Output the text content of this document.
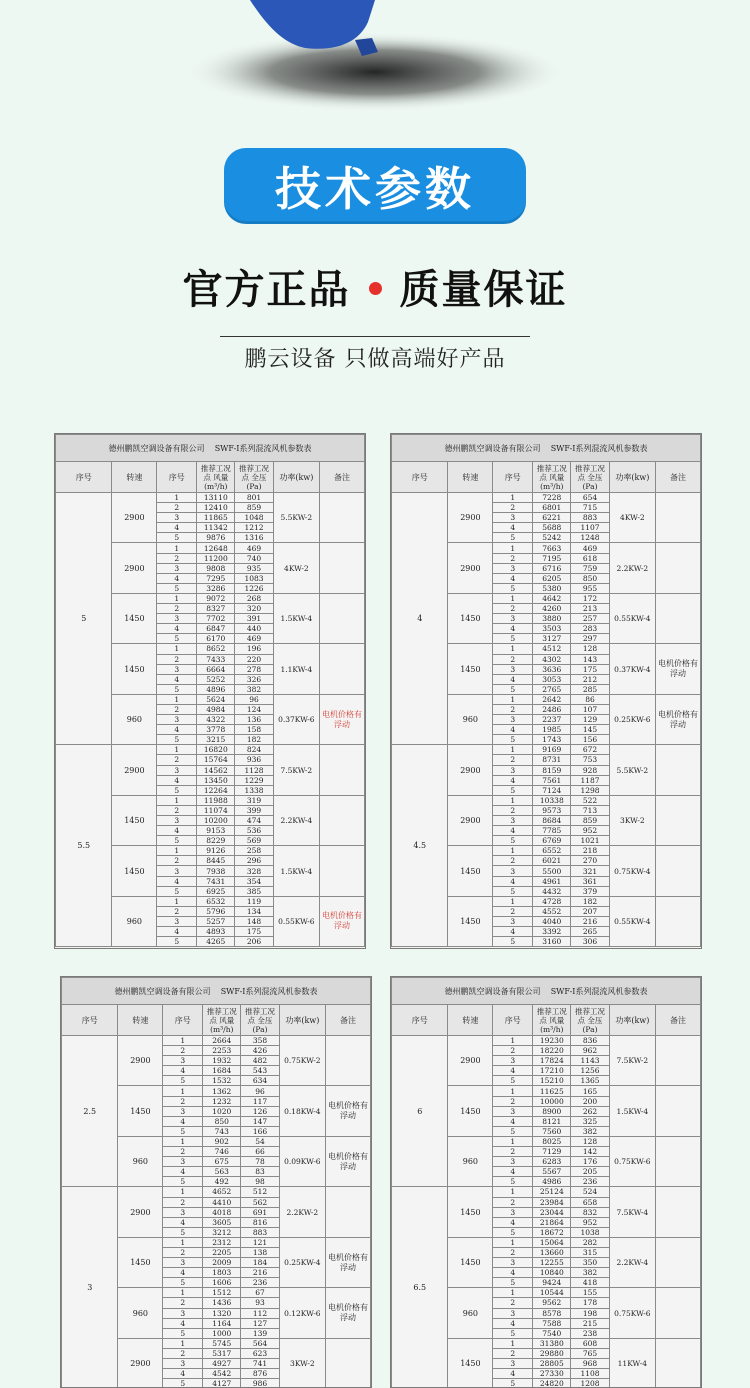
技术参数
官方正品 质量保证
鹏云设备 只做高端好产品
德州鹏凯空调设备有限公司 SWF-I系列混流风机参数表						
序号	转速	序号	推荐工况点 风量(m³/h)	推荐工况点 全压(Pa)	功率(kw)	备注
5	2900	1	13110	801	5.5KW-2	
		2	12410	859		
		3	11865	1048		
		4	11342	1212		
		5	9876	1316		
	2900	1	12648	469	4KW-2	
		2	11200	740		
		3	9808	935		
		4	7295	1083		
		5	3286	1226		
	1450	1	9072	268	1.5KW-4	
		2	8327	320		
		3	7702	391		
		4	6847	440		
		5	6170	469		
	1450	1	8652	196	1.1KW-4	
		2	7433	220		
		3	6664	278		
		4	5252	326		
		5	4896	382		
	960	1	5624	96	0.37KW-6	电机价格有浮动
		2	4984	124		
		3	4322	136		
		4	3778	158		
		5	3215	182		
5.5	2900	1	16820	824	7.5KW-2	
		2	15764	936		
		3	14562	1128		
		4	13450	1229		
		5	12264	1338		
	1450	1	11988	319	2.2KW-4	
		2	11074	399		
		3	10200	474		
		4	9153	536		
		5	8229	569		
	1450	1	9126	258	1.5KW-4	
		2	8445	296		
		3	7938	328		
		4	7431	354		
		5	6925	385		
	960	1	6532	119	0.55KW-6	电机价格有浮动
		2	5796	134		
		3	5257	148		
		4	4893	175		
		5	4265	206		
德州鹏凯空调设备有限公司 SWF-I系列混流风机参数表						
序号	转速	序号	推荐工况点 风量(m³/h)	推荐工况点 全压(Pa)	功率(kw)	备注
4	2900	1	7228	654	4KW-2	
		2	6801	715		
		3	6221	883		
		4	5688	1107		
		5	5242	1248		
	2900	1	7663	469	2.2KW-2	
		2	7195	618		
		3	6716	759		
		4	6205	850		
		5	5380	955		
	1450	1	4642	172	0.55KW-4	
		2	4260	213		
		3	3880	257		
		4	3503	283		
		5	3127	297		
	1450	1	4512	128	0.37KW-4	电机价格有浮动
		2	4302	143		
		3	3636	175		
		4	3053	212		
		5	2765	285		
	960	1	2642	86	0.25KW-6	电机价格有浮动
		2	2486	107		
		3	2237	129		
		4	1985	145		
		5	1743	156		
4.5	2900	1	9169	672	5.5KW-2	
		2	8731	753		
		3	8159	928		
		4	7561	1187		
		5	7124	1298		
	2900	1	10338	522	3KW-2	
		2	9573	713		
		3	8684	859		
		4	7785	952		
		5	6769	1021		
	1450	1	6552	218	0.75KW-4	
		2	6021	270		
		3	5500	321		
		4	4961	361		
		5	4432	379		
	1450	1	4728	182	0.55KW-4	
		2	4552	207		
		3	4040	216		
		4	3392	265		
		5	3160	306		
德州鹏凯空调设备有限公司 SWF-I系列混流风机参数表						
序号	转速	序号	推荐工况点 风量(m³/h)	推荐工况点 全压(Pa)	功率(kw)	备注
2.5	2900	1	2664	358	0.75KW-2	
		2	2253	426		
		3	1932	482		
		4	1684	543		
		5	1532	634		
	1450	1	1362	96	0.18KW-4	电机价格有浮动
		2	1232	117		
		3	1020	126		
		4	850	147		
		5	743	166		
	960	1	902	54	0.09KW-6	电机价格有浮动
		2	746	66		
		3	675	78		
		4	563	83		
		5	492	98		
3	2900	1	4652	512	2.2KW-2	
		2	4410	562		
		3	4018	691		
		4	3605	816		
		5	3212	883		
	1450	1	2312	121	0.25KW-4	电机价格有浮动
		2	2205	138		
		3	2009	184		
		4	1803	216		
		5	1606	236		
	960	1	1512	67	0.12KW-6	电机价格有浮动
		2	1436	93		
		3	1320	112		
		4	1164	127		
		5	1000	139		
	2900	1	5745	564	3KW-2	
		2	5317	623		
		3	4927	741		
		4	4542	876		
		5	4127	986		
德州鹏凯空调设备有限公司 SWF-I系列混流风机参数表						
序号	转速	序号	推荐工况点 风量(m³/h)	推荐工况点 全压(Pa)	功率(kw)	备注
6	2900	1	19230	836	7.5KW-2	
		2	18220	962		
		3	17824	1143		
		4	17210	1256		
		5	15210	1365		
	1450	1	11625	165	1.5KW-4	
		2	10000	200		
		3	8900	262		
		4	8121	325		
		5	7560	382		
	960	1	8025	128	0.75KW-6	
		2	7129	142		
		3	6283	176		
		4	5567	205		
		5	4986	236		
6.5	1450	1	25124	524	7.5KW-4	
		2	23984	658		
		3	23044	832		
		4	21864	952		
		5	18672	1038		
	1450	1	15064	282	2.2KW-4	
		2	13660	315		
		3	12255	350		
		4	10840	382		
		5	9424	418		
	960	1	10544	155	0.75KW-6	
		2	9562	178		
		3	8578	198		
		4	7588	215		
		5	7540	238		
	1450	1	31380	608	11KW-4	
		2	29880	765		
		3	28805	968		
		4	27330	1108		
		5	24820	1208		
